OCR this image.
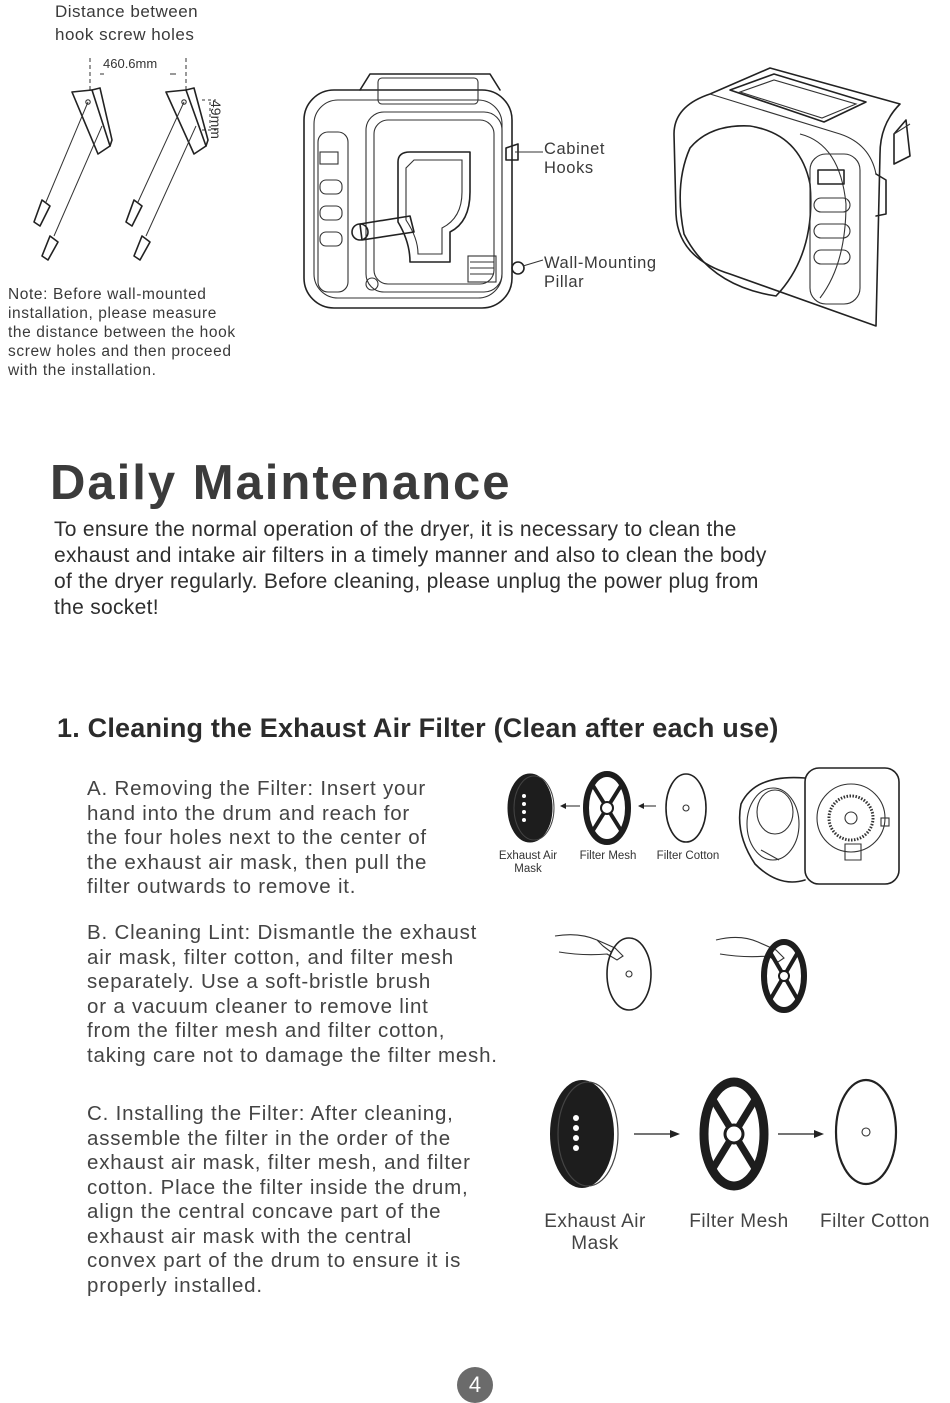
Distance between
hook screw holes
460.6mm
49mm
Note: Before wall-mounted
installation, please measure
the distance between the hook
screw holes and then proceed
with the installation.
Cabinet
Hooks
Wall-Mounting
Pillar
Daily Maintenance
To ensure the normal operation of the dryer, it is necessary to clean the
exhaust and intake air filters in a timely manner and also to clean the body
of the dryer regularly. Before cleaning, please unplug the power plug from
the socket!
1. Cleaning the Exhaust Air Filter (Clean after each use)
A. Removing the Filter: Insert your
hand into the drum and reach for
the four holes next to the center of
the exhaust air mask, then pull the
filter outwards to remove it.
Exhaust Air
Mask
Filter Mesh	Filter Cotton
B. Cleaning Lint: Dismantle the exhaust
air mask, filter cotton, and filter mesh
separately. Use a soft-bristle brush
or a vacuum cleaner to remove lint
from the filter mesh and filter cotton,
taking care not to damage the filter mesh.
C. Installing the Filter: After cleaning,
assemble the filter in the order of the
exhaust air mask, filter mesh, and filter
cotton. Place the filter inside the drum,
align the central concave part of the
exhaust air mask with the central
convex part of the drum to ensure it is
properly installed.
Exhaust Air
Mask
Filter Mesh	Filter Cotton
4
